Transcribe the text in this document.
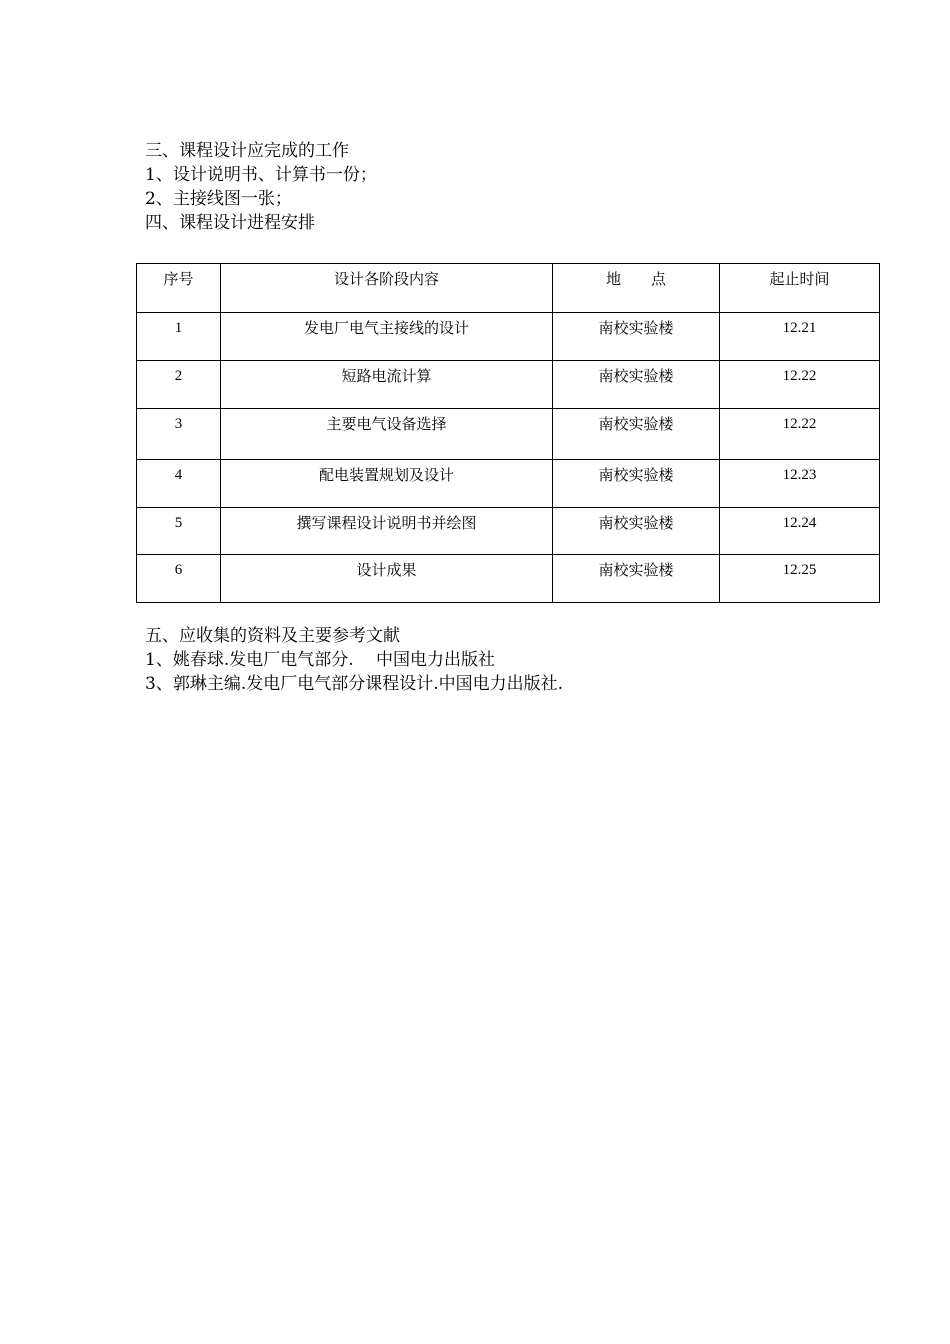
三、课程设计应完成的工作

1、设计说明书、计算书一份；

2、主接线图一张；

四、课程设计进程安排

序号	设计各阶段内容	地　　点	起止时间
1	发电厂电气主接线的设计	南校实验楼	12.21
2	短路电流计算	南校实验楼	12.22
3	主要电气设备选择	南校实验楼	12.22
4	配电装置规划及设计	南校实验楼	12.23
5	撰写课程设计说明书并绘图	南校实验楼	12.24
6	设计成果	南校实验楼	12.25

五、应收集的资料及主要参考文献

1、姚春球.发电厂电气部分.　 中国电力出版社

3、郭琳主编.发电厂电气部分课程设计.中国电力出版社.
